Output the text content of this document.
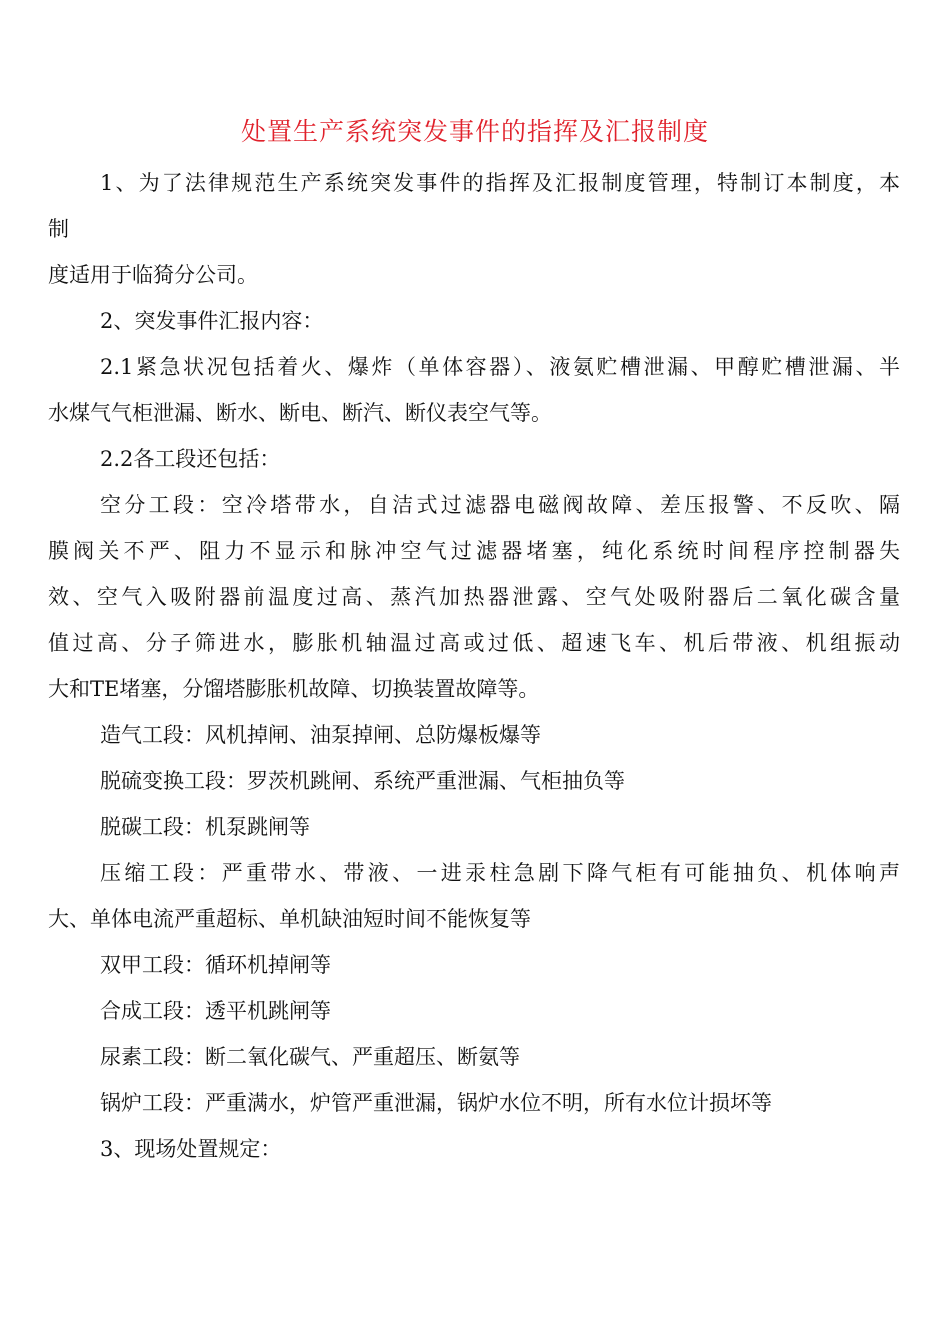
处置生产系统突发事件的指挥及汇报制度
1、为了法律规范生产系统突发事件的指挥及汇报制度管理，特制订本制度，本
制
度适用于临猗分公司。
2、突发事件汇报内容：
2.1紧急状况包括着火、爆炸（单体容器）、液氨贮槽泄漏、甲醇贮槽泄漏、半
水煤气气柜泄漏、断水、断电、断汽、断仪表空气等。
2.2各工段还包括：
空分工段：空冷塔带水，自洁式过滤器电磁阀故障、差压报警、不反吹、隔
膜阀关不严、阻力不显示和脉冲空气过滤器堵塞，纯化系统时间程序控制器失
效、空气入吸附器前温度过高、蒸汽加热器泄露、空气处吸附器后二氧化碳含量
值过高、分子筛进水，膨胀机轴温过高或过低、超速飞车、机后带液、机组振动
大和TE堵塞，分馏塔膨胀机故障、切换装置故障等。
造气工段：风机掉闸、油泵掉闸、总防爆板爆等
脱硫变换工段：罗茨机跳闸、系统严重泄漏、气柜抽负等
脱碳工段：机泵跳闸等
压缩工段：严重带水、带液、一进汞柱急剧下降气柜有可能抽负、机体响声
大、单体电流严重超标、单机缺油短时间不能恢复等
双甲工段：循环机掉闸等
合成工段：透平机跳闸等
尿素工段：断二氧化碳气、严重超压、断氨等
锅炉工段：严重满水，炉管严重泄漏，锅炉水位不明，所有水位计损坏等
3、现场处置规定：
